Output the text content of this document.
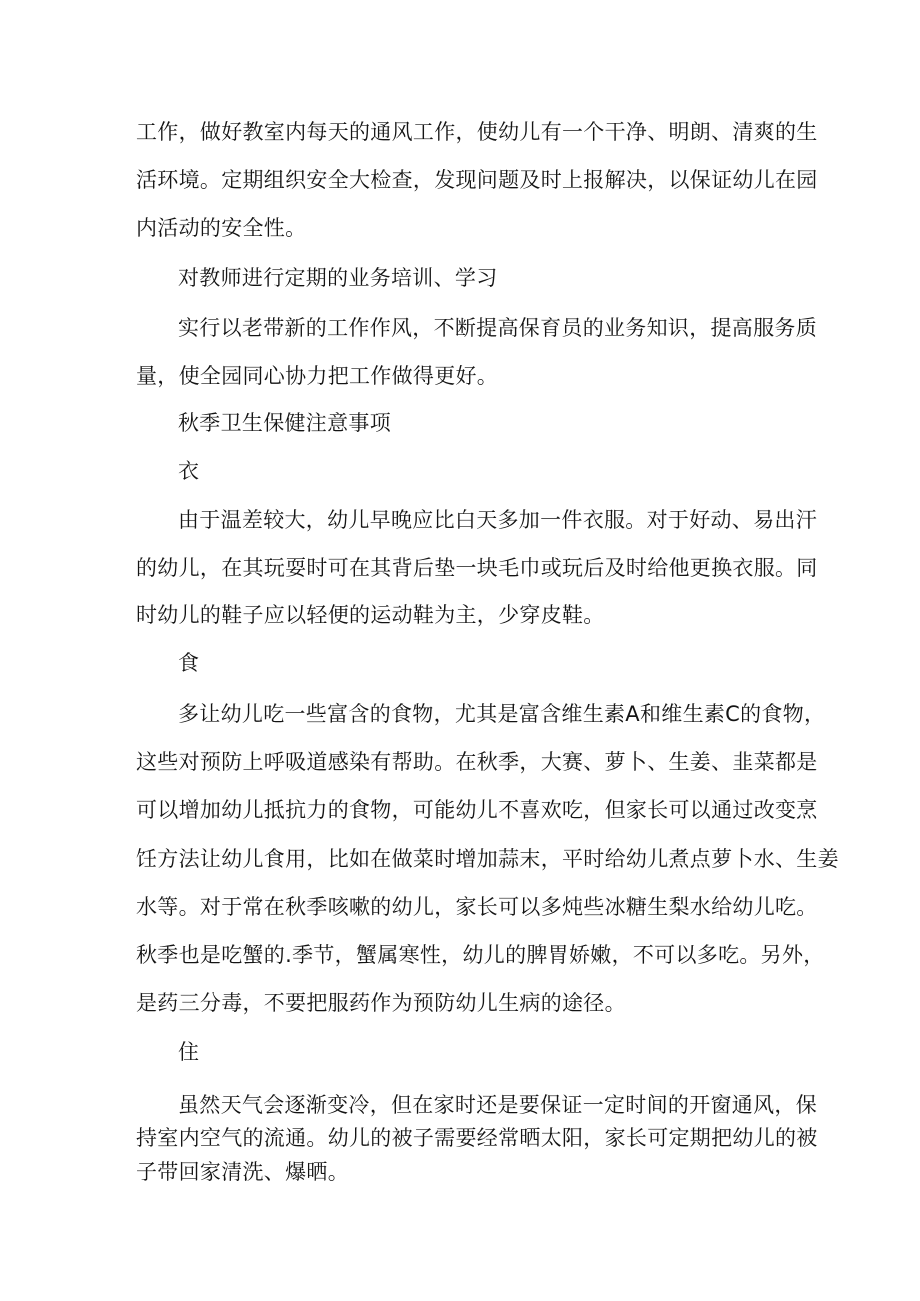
工作，做好教室内每天的通风工作，使幼儿有一个干净、明朗、清爽的生
活环境。定期组织安全大检查，发现问题及时上报解决，以保证幼儿在园
内活动的安全性。
对教师进行定期的业务培训、学习
实行以老带新的工作作风，不断提高保育员的业务知识，提高服务质
量，使全园同心协力把工作做得更好。
秋季卫生保健注意事项
衣
由于温差较大，幼儿早晚应比白天多加一件衣服。对于好动、易出汗
的幼儿，在其玩耍时可在其背后垫一块毛巾或玩后及时给他更换衣服。同
时幼儿的鞋子应以轻便的运动鞋为主，少穿皮鞋。
食
多让幼儿吃一些富含的食物，尤其是富含维生素A和维生素C的食物，
这些对预防上呼吸道感染有帮助。在秋季，大赛、萝卜、生姜、韭菜都是
可以增加幼儿抵抗力的食物，可能幼儿不喜欢吃，但家长可以通过改变烹
饪方法让幼儿食用，比如在做菜时增加蒜末，平时给幼儿煮点萝卜水、生姜
水等。对于常在秋季咳嗽的幼儿，家长可以多炖些冰糖生梨水给幼儿吃。
秋季也是吃蟹的.季节，蟹属寒性，幼儿的脾胃娇嫩，不可以多吃。另外，
是药三分毒，不要把服药作为预防幼儿生病的途径。
住
虽然天气会逐渐变冷，但在家时还是要保证一定时间的开窗通风，保
持室内空气的流通。幼儿的被子需要经常晒太阳，家长可定期把幼儿的被
子带回家清洗、爆晒。
